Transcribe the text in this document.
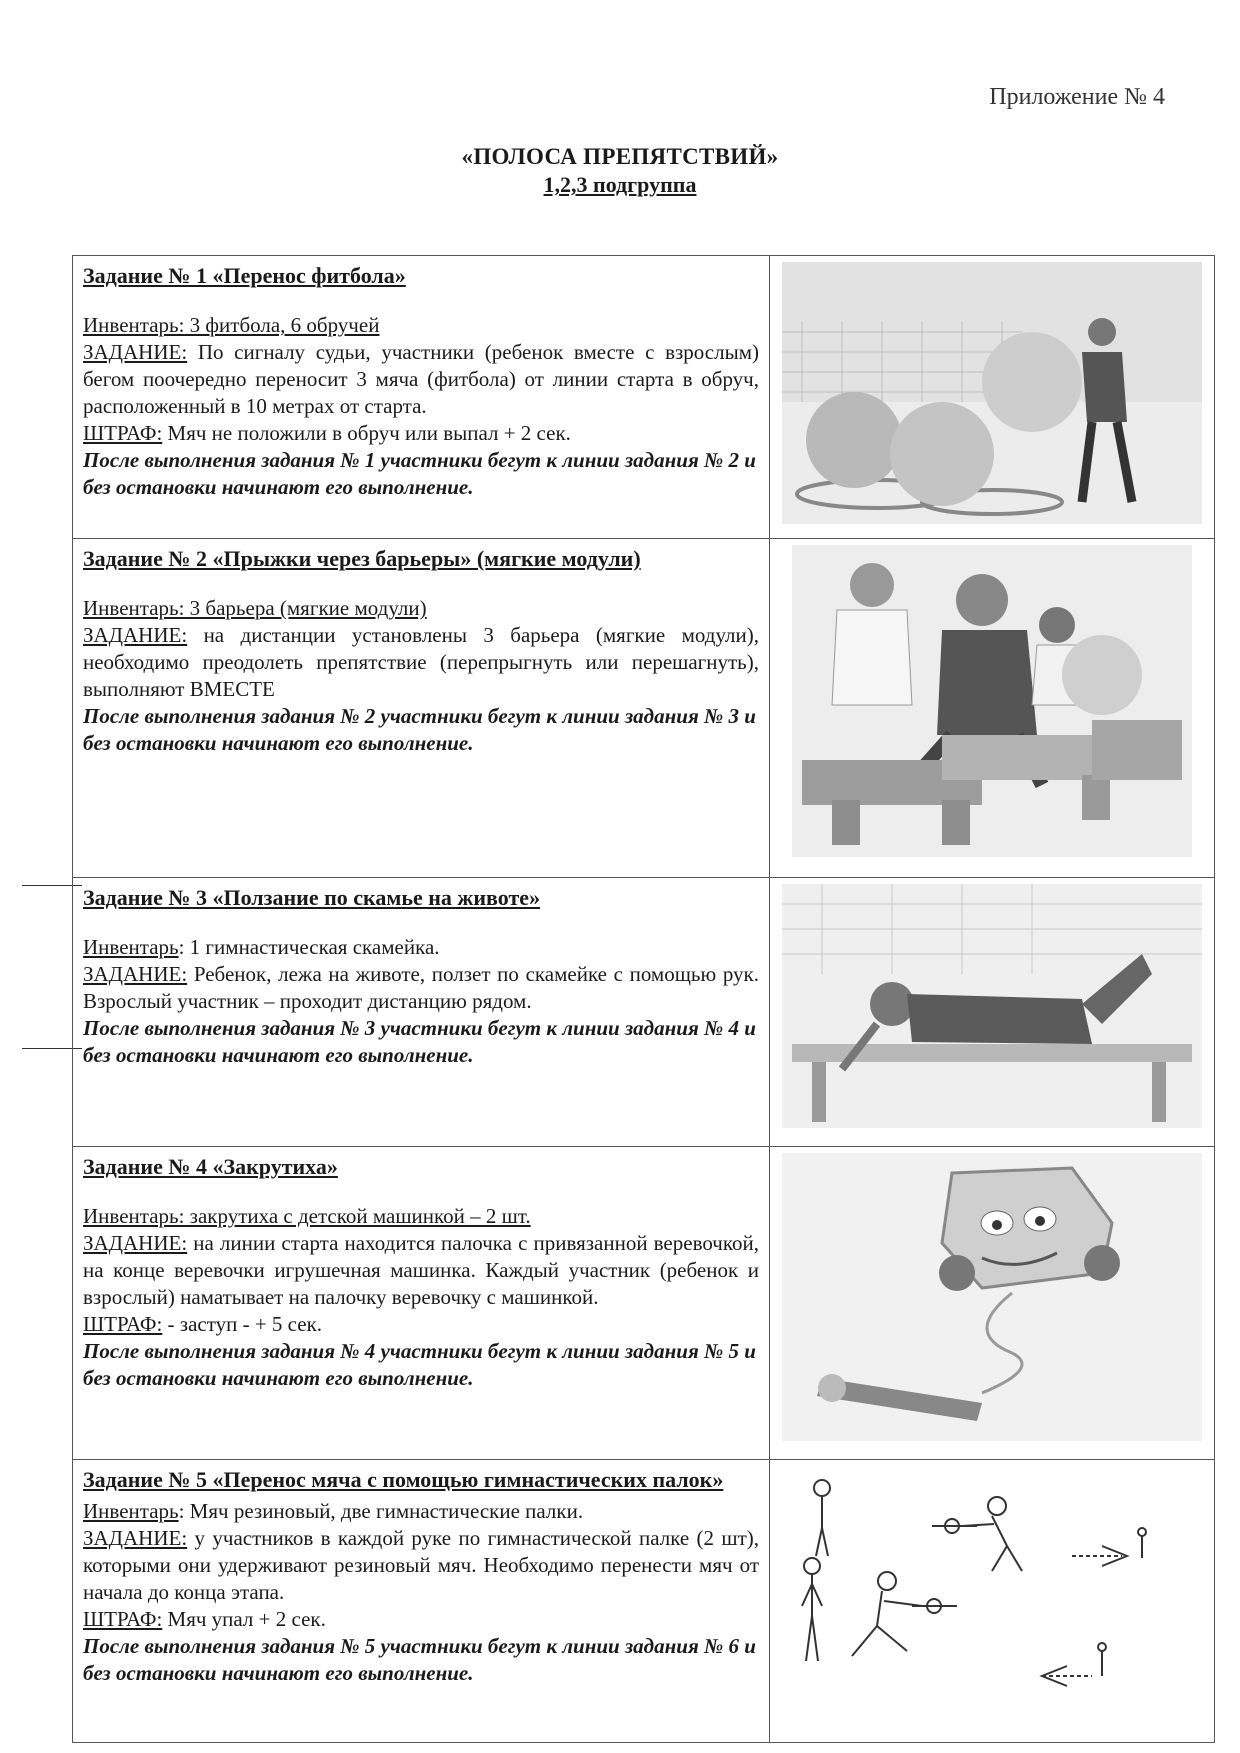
Приложение № 4
«ПОЛОСА ПРЕПЯТСТВИЙ»
1,2,3 подгруппа
Задание № 1 «Перенос фитбола»

Инвентарь: 3 фитбола, 6 обручей

ЗАДАНИЕ: По сигналу судьи, участники (ребенок вместе с взрослым) бегом поочередно переносит 3 мяча (фитбола) от линии старта в обруч, расположенный в 10 метрах от старта.

ШТРАФ: Мяч не положили в обруч или выпал + 2 сек.

После выполнения задания № 1 участники бегут к линии задания № 2 и без остановки начинают его выполнение.

Задание № 2 «Прыжки через барьеры» (мягкие модули)

Инвентарь: 3 барьера (мягкие модули)

ЗАДАНИЕ: на дистанции установлены 3 барьера (мягкие модули), необходимо преодолеть препятствие (перепрыгнуть или перешагнуть), выполняют ВМЕСТЕ

После выполнения задания № 2 участники бегут к линии задания № 3 и без остановки начинают его выполнение.

Задание № 3 «Ползание по скамье на животе»

Инвентарь: 1 гимнастическая скамейка.

ЗАДАНИЕ: Ребенок, лежа на животе, ползет по скамейке с помощью рук. Взрослый участник – проходит дистанцию рядом.

После выполнения задания № 3 участники бегут к линии задания № 4 и без остановки начинают его выполнение.

Задание № 4 «Закрутиха»

Инвентарь: закрутиха с детской машинкой – 2 шт.

ЗАДАНИЕ: на линии старта находится палочка с привязанной веревочкой, на конце веревочки игрушечная машинка. Каждый участник (ребенок и взрослый) наматывает на палочку веревочку с машинкой.

ШТРАФ: - заступ - + 5 сек.

После выполнения задания № 4 участники бегут к линии задания № 5 и без остановки начинают его выполнение.

Задание № 5 «Перенос мяча с помощью гимнастических палок»

Инвентарь: Мяч резиновый, две гимнастические палки.

ЗАДАНИЕ: у участников в каждой руке по гимнастической палке (2 шт), которыми они удерживают резиновый мяч. Необходимо перенести мяч от начала до конца этапа.

ШТРАФ: Мяч упал + 2 сек.

После выполнения задания № 5 участники бегут к линии задания № 6 и без остановки начинают его выполнение.
